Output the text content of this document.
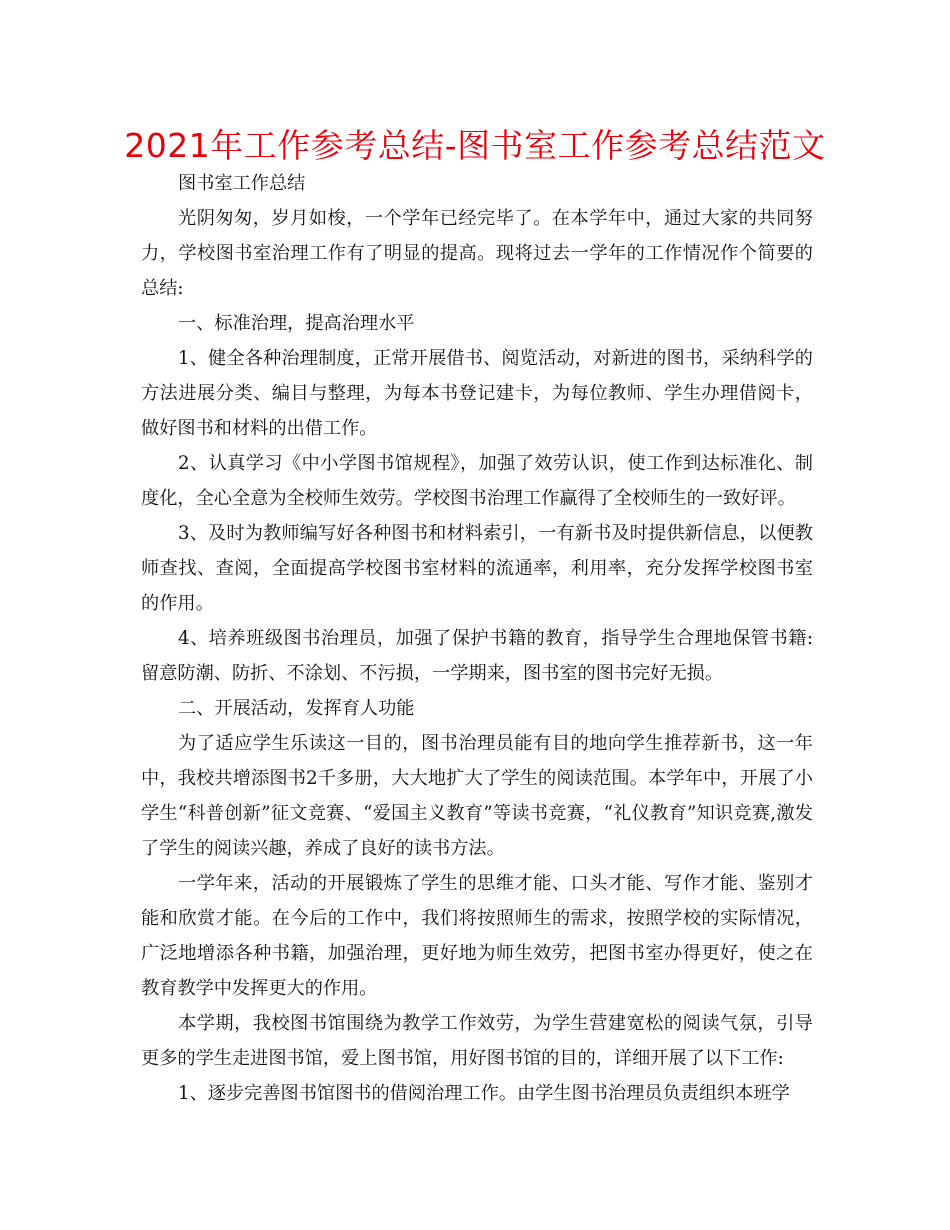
2021年工作参考总结-图书室工作参考总结范文

图书室工作总结

光阴匆匆，岁月如梭，一个学年已经完毕了。在本学年中，通过大家的共同努力，学校图书室治理工作有了明显的提高。现将过去一学年的工作情况作个简要的总结:

一、标准治理，提高治理水平

1、健全各种治理制度，正常开展借书、阅览活动，对新进的图书，采纳科学的方法进展分类、编目与整理，为每本书登记建卡，为每位教师、学生办理借阅卡，做好图书和材料的出借工作。

2、认真学习《中小学图书馆规程》，加强了效劳认识，使工作到达标准化、制度化，全心全意为全校师生效劳。学校图书治理工作赢得了全校师生的一致好评。

3、及时为教师编写好各种图书和材料索引，一有新书及时提供新信息，以便教师查找、查阅，全面提高学校图书室材料的流通率，利用率，充分发挥学校图书室的作用。

4、培养班级图书治理员，加强了保护书籍的教育，指导学生合理地保管书籍:留意防潮、防折、不涂划、不污损，一学期来，图书室的图书完好无损。

二、开展活动，发挥育人功能

为了适应学生乐读这一目的，图书治理员能有目的地向学生推荐新书，这一年中，我校共增添图书2千多册，大大地扩大了学生的阅读范围。本学年中，开展了小学生“科普创新”征文竞赛、“爱国主义教育”等读书竞赛，“礼仪教育”知识竞赛,激发了学生的阅读兴趣，养成了良好的读书方法。

一学年来，活动的开展锻炼了学生的思维才能、口头才能、写作才能、鉴别才能和欣赏才能。在今后的工作中，我们将按照师生的需求，按照学校的实际情况，广泛地增添各种书籍，加强治理，更好地为师生效劳，把图书室办得更好，使之在教育教学中发挥更大的作用。

本学期，我校图书馆围绕为教学工作效劳，为学生营建宽松的阅读气氛，引导更多的学生走进图书馆，爱上图书馆，用好图书馆的目的，详细开展了以下工作:

1、逐步完善图书馆图书的借阅治理工作。由学生图书治理员负责组织本班学
